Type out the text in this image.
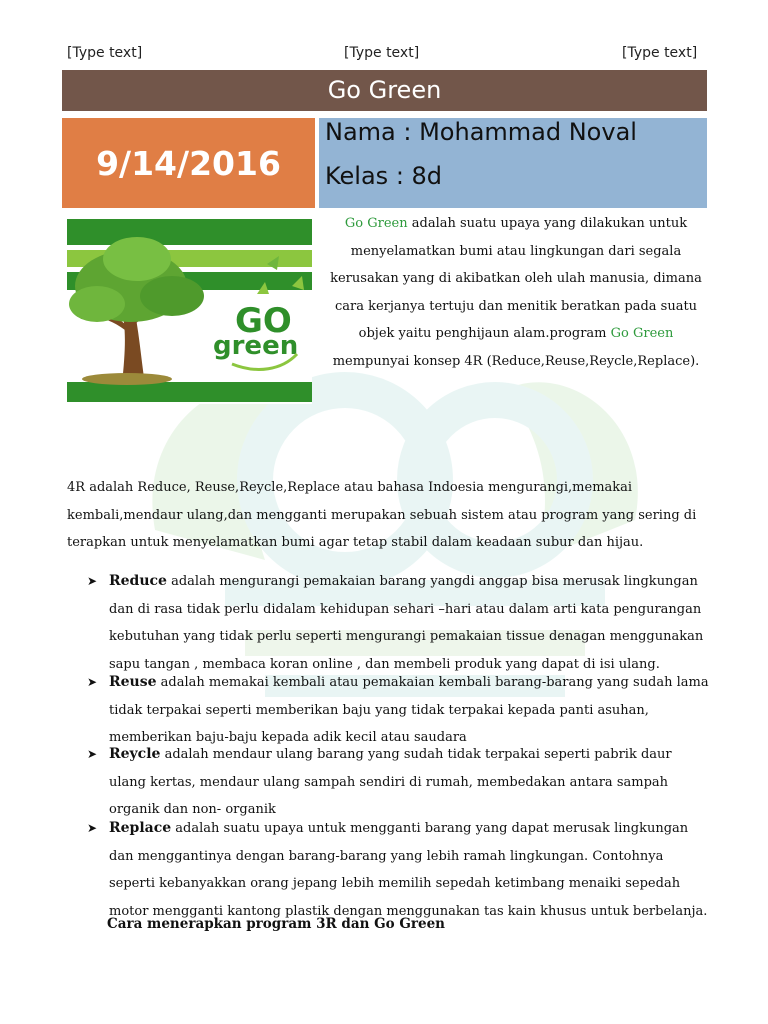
[Type text]	[Type text]	[Type text]
Go Green
9/14/2016
Nama : Mohammad Noval
Kelas : 8d
GO
green
Go Green adalah suatu upaya yang dilakukan untuk menyelamatkan bumi atau lingkungan dari segala kerusakan yang di akibatkan oleh ulah manusia, dimana cara kerjanya tertuju dan menitik beratkan pada suatu objek yaitu penghijaun alam.program Go Green mempunyai konsep 4R (Reduce,Reuse,Reycle,Replace).
4R adalah Reduce, Reuse,Reycle,Replace atau bahasa Indoesia mengurangi,memakai kembali,mendaur ulang,dan mengganti merupakan sebuah sistem atau program yang sering di terapkan untuk menyelamatkan bumi agar tetap stabil dalam keadaan subur dan hijau.
➤ Reduce adalah mengurangi pemakaian barang yangdi anggap bisa merusak lingkungan dan di rasa tidak perlu didalam kehidupan sehari –hari atau dalam arti kata pengurangan kebutuhan yang tidak perlu seperti mengurangi pemakaian tissue denagan menggunakan sapu tangan , membaca koran online , dan membeli produk yang dapat di isi ulang.
➤ Reuse adalah memakai kembali atau pemakaian kembali barang-barang yang sudah lama tidak terpakai seperti memberikan baju yang tidak terpakai kepada panti asuhan, memberikan baju-baju kepada adik kecil atau saudara
➤ Reycle adalah mendaur ulang barang yang sudah tidak terpakai seperti pabrik daur ulang kertas, mendaur ulang sampah sendiri di rumah, membedakan antara sampah organik dan non- organik
➤ Replace adalah suatu upaya untuk mengganti barang yang dapat merusak lingkungan dan menggantinya dengan barang-barang yang lebih ramah lingkungan. Contohnya seperti kebanyakkan orang jepang lebih memilih sepedah ketimbang menaiki sepedah motor mengganti kantong plastik dengan menggunakan tas kain khusus untuk berbelanja.
Cara menerapkan program 3R dan Go Green
